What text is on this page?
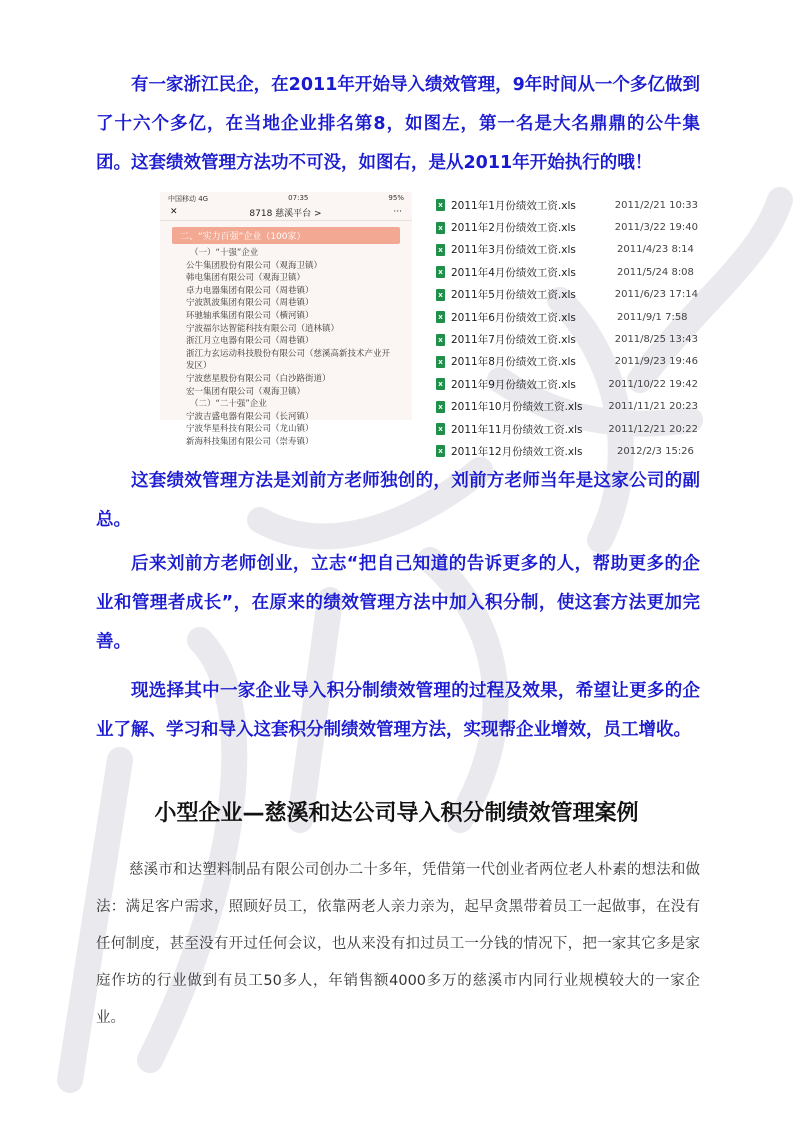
有一家浙江民企，在2011年开始导入绩效管理，9年时间从一个多亿做到了十六个多亿，在当地企业排名第8，如图左，第一名是大名鼎鼎的公牛集团。这套绩效管理方法功不可没，如图右，是从2011年开始执行的哦！

中国移动 4G	07:35	95%
✕	8718 慈溪平台 >	···
二、“实力百强”企业（100家）
（一）“十强”企业
公牛集团股份有限公司（观海卫镇）
韩电集团有限公司（观海卫镇）
卓力电器集团有限公司（周巷镇）
宁波凯波集团有限公司（周巷镇）
环驰轴承集团有限公司（横河镇）
宁波福尔达智能科技有限公司（逍林镇）
浙江月立电器有限公司（周巷镇）
浙江力玄运动科技股份有限公司（慈溪高新技术产业开发区）
宁波慈星股份有限公司（白沙路街道）
宏一集团有限公司（观海卫镇）
（二）“二十强”企业
宁波吉盛电器有限公司（长河镇）
宁波华星科技有限公司（龙山镇）
新海科技集团有限公司（崇寿镇）
x 2011年1月份绩效工资.xls	2011/2/21 10:33
x 2011年2月份绩效工资.xls	2011/3/22 19:40
x 2011年3月份绩效工资.xls	2011/4/23 8:14
x 2011年4月份绩效工资.xls	2011/5/24 8:08
x 2011年5月份绩效工资.xls	2011/6/23 17:14
x 2011年6月份绩效工资.xls	2011/9/1 7:58
x 2011年7月份绩效工资.xls	2011/8/25 13:43
x 2011年8月份绩效工资.xls	2011/9/23 19:46
x 2011年9月份绩效工资.xls	2011/10/22 19:42
x 2011年10月份绩效工资.xls	2011/11/21 20:23
x 2011年11月份绩效工资.xls	2011/12/21 20:22
x 2011年12月份绩效工资.xls	2012/2/3 15:26

这套绩效管理方法是刘前方老师独创的，刘前方老师当年是这家公司的副总。

后来刘前方老师创业，立志“把自己知道的告诉更多的人，帮助更多的企业和管理者成长”，在原来的绩效管理方法中加入积分制，使这套方法更加完善。

现选择其中一家企业导入积分制绩效管理的过程及效果，希望让更多的企业了解、学习和导入这套积分制绩效管理方法，实现帮企业增效，员工增收。

小型企业—慈溪和达公司导入积分制绩效管理案例

慈溪市和达塑料制品有限公司创办二十多年，凭借第一代创业者两位老人朴素的想法和做法：满足客户需求，照顾好员工，依靠两老人亲力亲为，起早贪黑带着员工一起做事，在没有任何制度，甚至没有开过任何会议，也从来没有扣过员工一分钱的情况下，把一家其它多是家庭作坊的行业做到有员工50多人，年销售额4000多万的慈溪市内同行业规模较大的一家企业。
